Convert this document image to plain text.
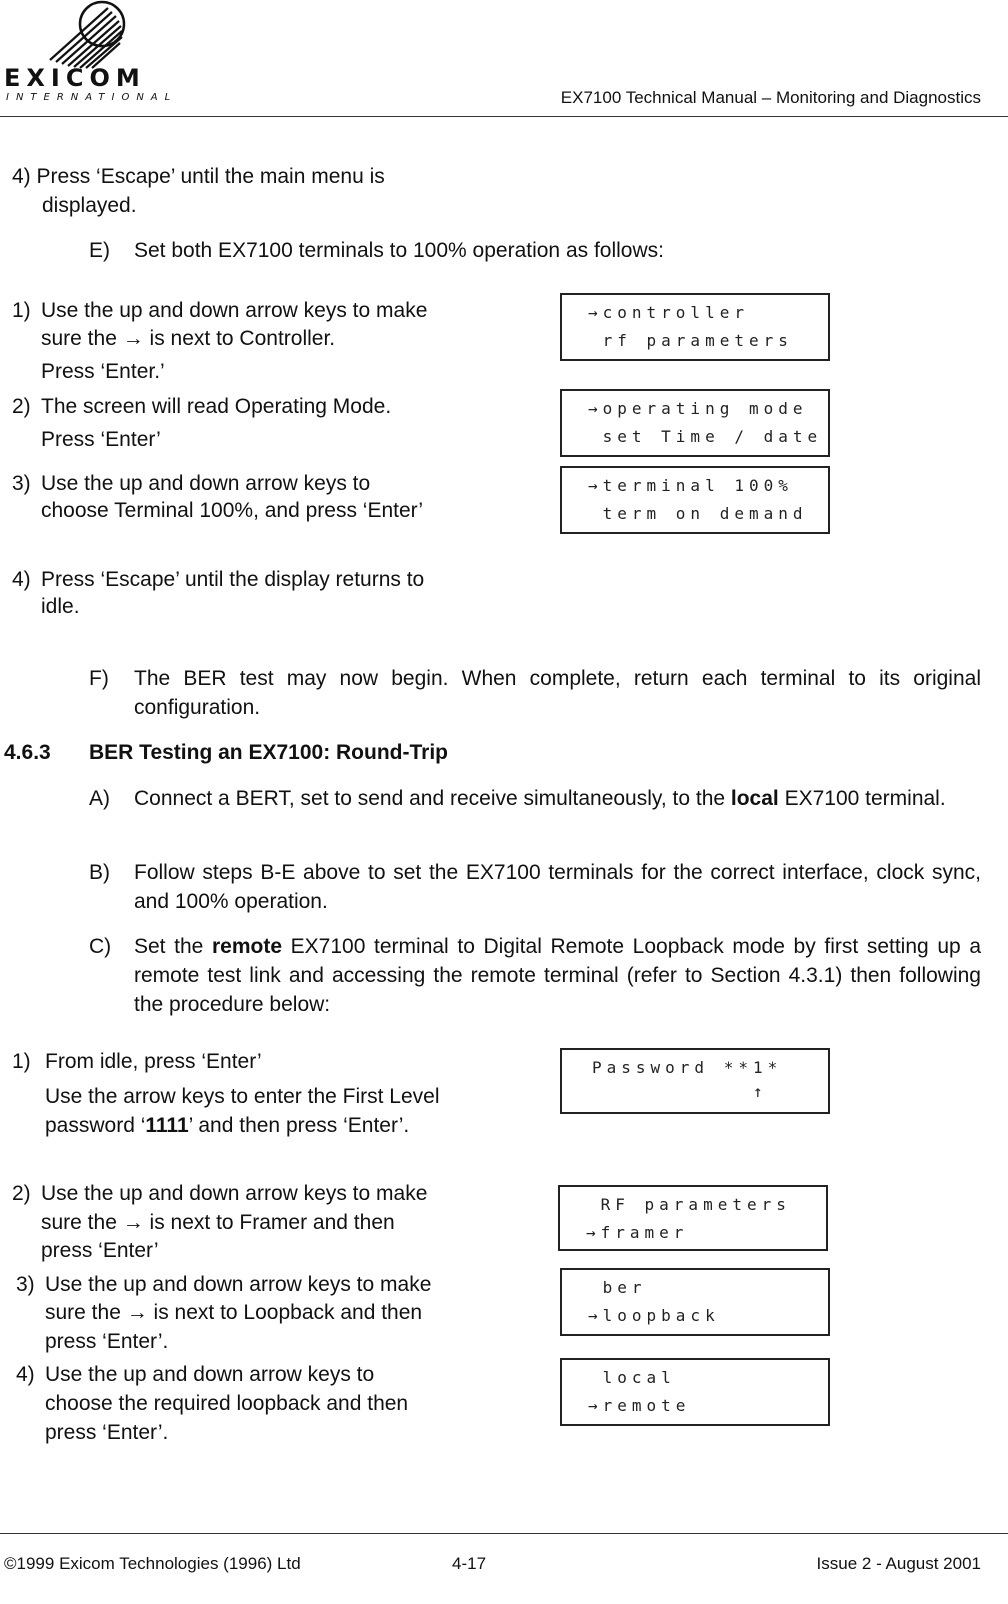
EXICOM
INTERNATIONAL	EX7100 Technical Manual – Monitoring and Diagnostics
4) Press ‘Escape’ until the main menu is
displayed.
E) Set both EX7100 terminals to 100% operation as follows:
1) Use the up and down arrow keys to make
sure the → is next to Controller.
Press ‘Enter.’
2) The screen will read Operating Mode.
Press ‘Enter’
3) Use the up and down arrow keys to
choose Terminal 100%, and press ‘Enter’
4) Press ‘Escape’ until the display returns to
idle.
→controller
rf parameters
→operating mode
set Time / date
→terminal 100%
term on demand
F) The BER test may now begin. When complete, return each terminal to its original configuration.
4.6.3 BER Testing an EX7100: Round-Trip
A) Connect a BERT, set to send and receive simultaneously, to the local EX7100 terminal.
B) Follow steps B-E above to set the EX7100 terminals for the correct interface, clock sync, and 100% operation.
C) Set the remote EX7100 terminal to Digital Remote Loopback mode by first setting up a remote test link and accessing the remote terminal (refer to Section 4.3.1) then following the procedure below:
1) From idle, press ‘Enter’
Use the arrow keys to enter the First Level
password ‘1111’ and then press ‘Enter’.
2) Use the up and down arrow keys to make
sure the → is next to Framer and then
press ‘Enter’
3) Use the up and down arrow keys to make
sure the → is next to Loopback and then
press ‘Enter’.
4) Use the up and down arrow keys to
choose the required loopback and then
press ‘Enter’.
Password **1*
↑
RF parameters
→framer
ber
→loopback
local
→remote
©1999 Exicom Technologies (1996) Ltd	4-17	Issue 2 - August 2001
